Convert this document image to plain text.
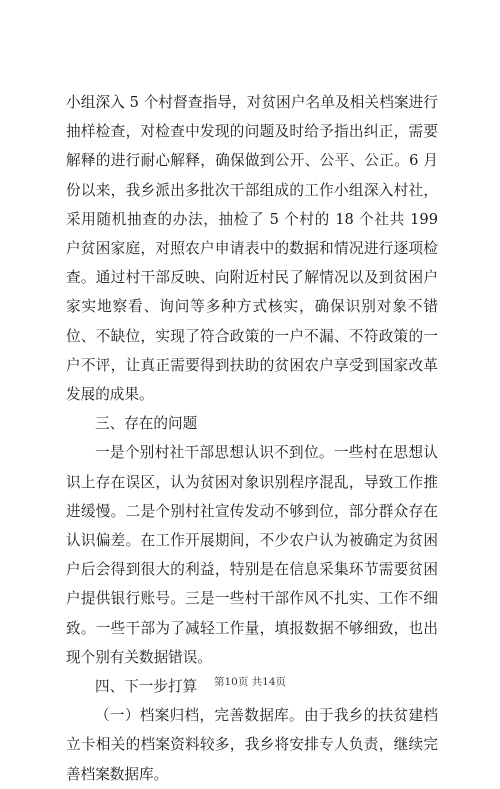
小组深入 5 个村督查指导，对贫困户名单及相关档案进行抽样检查，对检查中发现的问题及时给予指出纠正，需要解释的进行耐心解释，确保做到公开、公平、公正。6 月份以来，我乡派出多批次干部组成的工作小组深入村社，采用随机抽查的办法，抽检了 5 个村的 18 个社共 199 户贫困家庭，对照农户申请表中的数据和情况进行逐项检查。通过村干部反映、向附近村民了解情况以及到贫困户家实地察看、询问等多种方式核实，确保识别对象不错位、不缺位，实现了符合政策的一户不漏、不符政策的一户不评，让真正需要得到扶助的贫困农户享受到国家改革发展的成果。

三、存在的问题

一是个别村社干部思想认识不到位。一些村在思想认识上存在误区，认为贫困对象识别程序混乱，导致工作推进缓慢。二是个别村社宣传发动不够到位，部分群众存在认识偏差。在工作开展期间，不少农户认为被确定为贫困户后会得到很大的利益，特别是在信息采集环节需要贫困户提供银行账号。三是一些村干部作风不扎实、工作不细致。一些干部为了减轻工作量，填报数据不够细致，也出现个别有关数据错误。

四、下一步打算

（一）档案归档，完善数据库。由于我乡的扶贫建档立卡相关的档案资料较多，我乡将安排专人负责，继续完善档案数据库。

第10页 共14页
